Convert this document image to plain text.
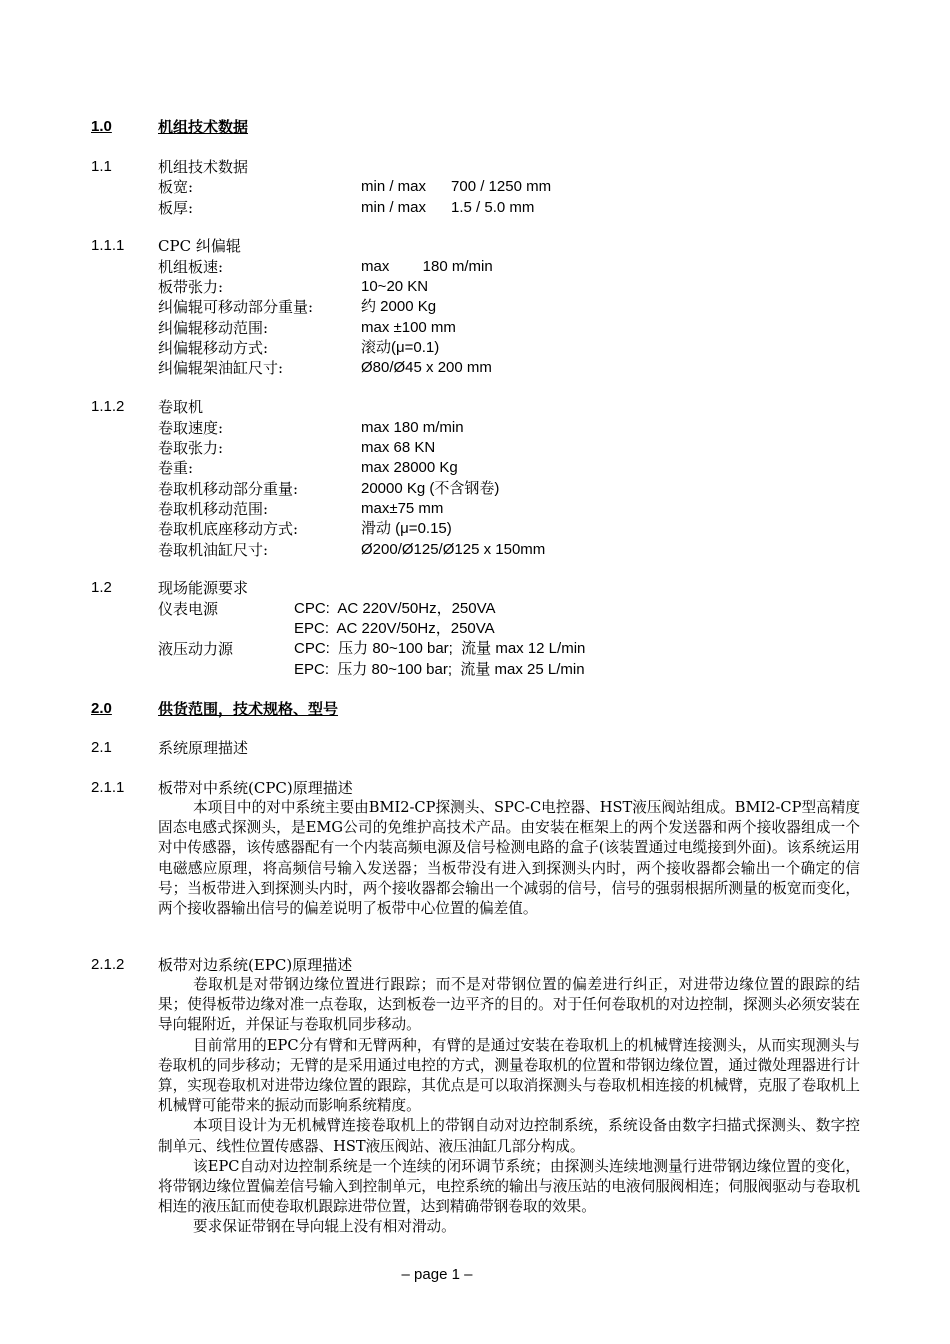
1.0	机组技术数据
1.1	机组技术数据
板宽:	min / max      700 / 1250 mm
板厚:	min / max      1.5 / 5.0 mm
1.1.1 CPC 纠偏辊
机组板速:	max        180 m/min
板带张力:	10~20 KN
纠偏辊可移动部分重量:	约 2000 Kg
纠偏辊移动范围:	max ±100 mm
纠偏辊移动方式:	滚动(μ=0.1)
纠偏辊架油缸尺寸:	Ø80/Ø45 x 200 mm
1.1.2 卷取机
卷取速度:	max 180 m/min
卷取张力:	max 68 KN
卷重:	max 28000 Kg
卷取机移动部分重量:	20000 Kg (不含钢卷)
卷取机移动范围:	max±75 mm
卷取机底座移动方式:	滑动 (μ=0.15)
卷取机油缸尺寸:	Ø200/Ø125/Ø125 x 150mm
1.2	现场能源要求
仪表电源	CPC:  AC 220V/50Hz，250VA
EPC:  AC 220V/50Hz，250VA
液压动力源	CPC:  压力 80~100 bar;  流量 max 12 L/min
EPC:  压力 80~100 bar;  流量 max 25 L/min
2.0	供货范围，技术规格、型号
2.1	系统原理描述
2.1.1 板带对中系统(CPC)原理描述

本项目中的对中系统主要由BMI2-CP探测头、SPC-C电控器、HST液压阀站组成。BMI2-CP型高精度固态电感式探测头，是EMG公司的免维护高技术产品。由安装在框架上的两个发送器和两个接收器组成一个对中传感器，该传感器配有一个内装高频电源及信号检测电路的盒子(该装置通过电缆接到外面)。该系统运用电磁感应原理，将高频信号输入发送器；当板带没有进入到探测头内时，两个接收器都会输出一个确定的信号；当板带进入到探测头内时，两个接收器都会输出一个减弱的信号，信号的强弱根据所测量的板宽而变化，两个接收器输出信号的偏差说明了板带中心位置的偏差值。

2.1.2 板带对边系统(EPC)原理描述

卷取机是对带钢边缘位置进行跟踪；而不是对带钢位置的偏差进行纠正，对进带边缘位置的跟踪的结果；使得板带边缘对准一点卷取，达到板卷一边平齐的目的。对于任何卷取机的对边控制，探测头必须安装在导向辊附近，并保证与卷取机同步移动。

目前常用的EPC分有臂和无臂两种，有臂的是通过安装在卷取机上的机械臂连接测头，从而实现测头与卷取机的同步移动；无臂的是采用通过电控的方式，测量卷取机的位置和带钢边缘位置，通过微处理器进行计算，实现卷取机对进带边缘位置的跟踪，其优点是可以取消探测头与卷取机相连接的机械臂，克服了卷取机上机械臂可能带来的振动而影响系统精度。

本项目设计为无机械臂连接卷取机上的带钢自动对边控制系统，系统设备由数字扫描式探测头、数字控制单元、线性位置传感器、HST液压阀站、液压油缸几部分构成。

该EPC自动对边控制系统是一个连续的闭环调节系统；由探测头连续地测量行进带钢边缘位置的变化，将带钢边缘位置偏差信号输入到控制单元，电控系统的输出与液压站的电液伺服阀相连；伺服阀驱动与卷取机相连的液压缸而使卷取机跟踪进带位置，达到精确带钢卷取的效果。

要求保证带钢在导向辊上没有相对滑动。

– page 1 –
